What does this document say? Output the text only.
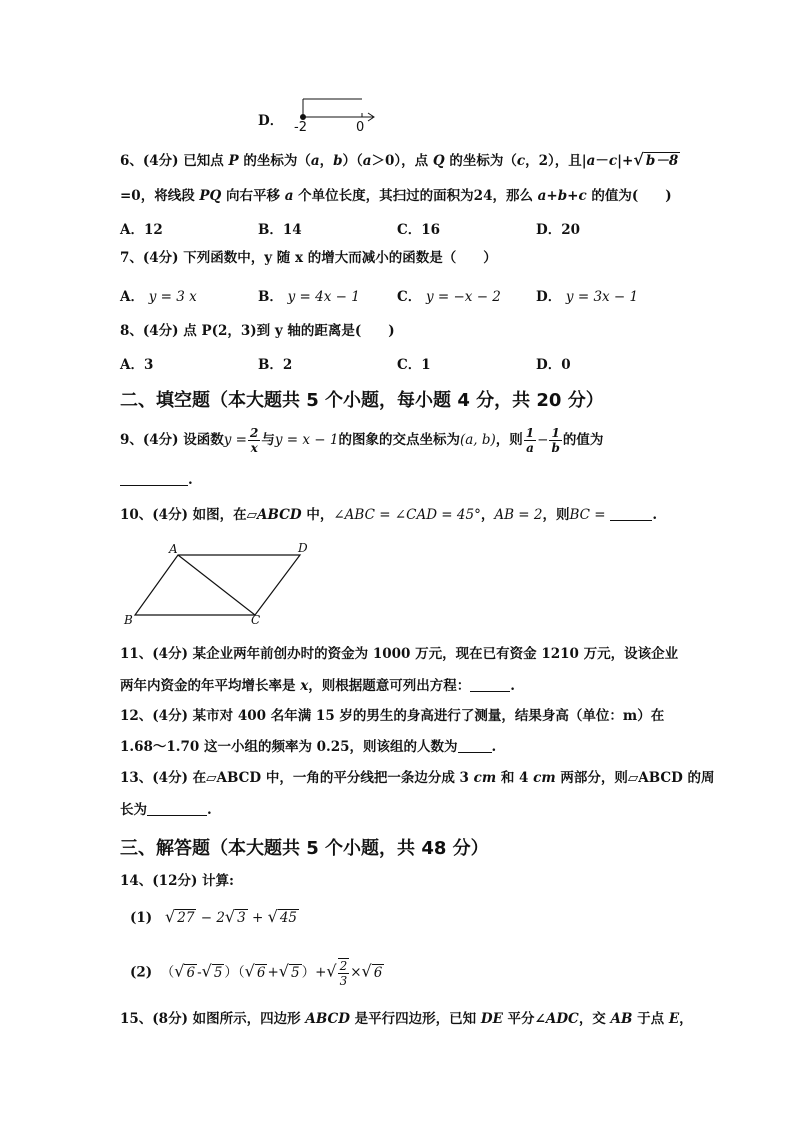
D． -2	0
6、(4分) 已知点 P 的坐标为（a，b）（a＞0），点 Q 的坐标为（c，2），且|a－c|+√ b－8
=0，将线段 PQ 向右平移 a 个单位长度，其扫过的面积为24，那么 a+b+c 的值为(　　)
A．12	B．14	C．16	D．20
7、(4分) 下列函数中，y 随 x 的增大而减小的函数是（　　）
A． y = 3 x	B． y = 4x − 1	C． y = −x − 2	D． y = 3x − 1
8、(4分) 点 P(2，3)到 y 轴的距离是(　　)
A．3	B．2	C．1	D．0
二、填空题（本大题共 5 个小题，每小题 4 分，共 20 分）
9、(4分) 设函数$y = \frac{2}{x}$ 与y = x − 1的图象的交点坐标为(a, b)，则 $\frac{1}{a} - \frac{1}{b}$ 的值为
.
10、(4分) 如图，在▱ABCD 中，∠ABC = ∠CAD = 45°，AB = 2，则BC =	.
A	D
B	C
11、(4分) 某企业两年前创办时的资金为 1000 万元，现在已有资金 1210 万元，设该企业
两年内资金的年平均增长率是 x，则根据题意可列出方程：	.
12、(4分) 某市对 400 名年满 15 岁的男生的身高进行了测量，结果身高（单位：m）在
1.68～1.70 这一小组的频率为 0.25，则该组的人数为	.
13、(4分) 在▱ABCD 中，一角的平分线把一条边分成 3 cm 和 4 cm 两部分，则▱ABCD 的周
长为	.
三、解答题（本大题共 5 个小题，共 48 分）
14、(12分) 计算:
(1) √ 27 − 2√ 3 + √ 45
(2) （√ 6 -√ 5 ）（√ 6 +√ 5 ）+√ $\frac{2}{3}$ ×√ 6
15、(8分) 如图所示，四边形 ABCD 是平行四边形，已知 DE 平分∠ADC，交 AB 于点 E，
